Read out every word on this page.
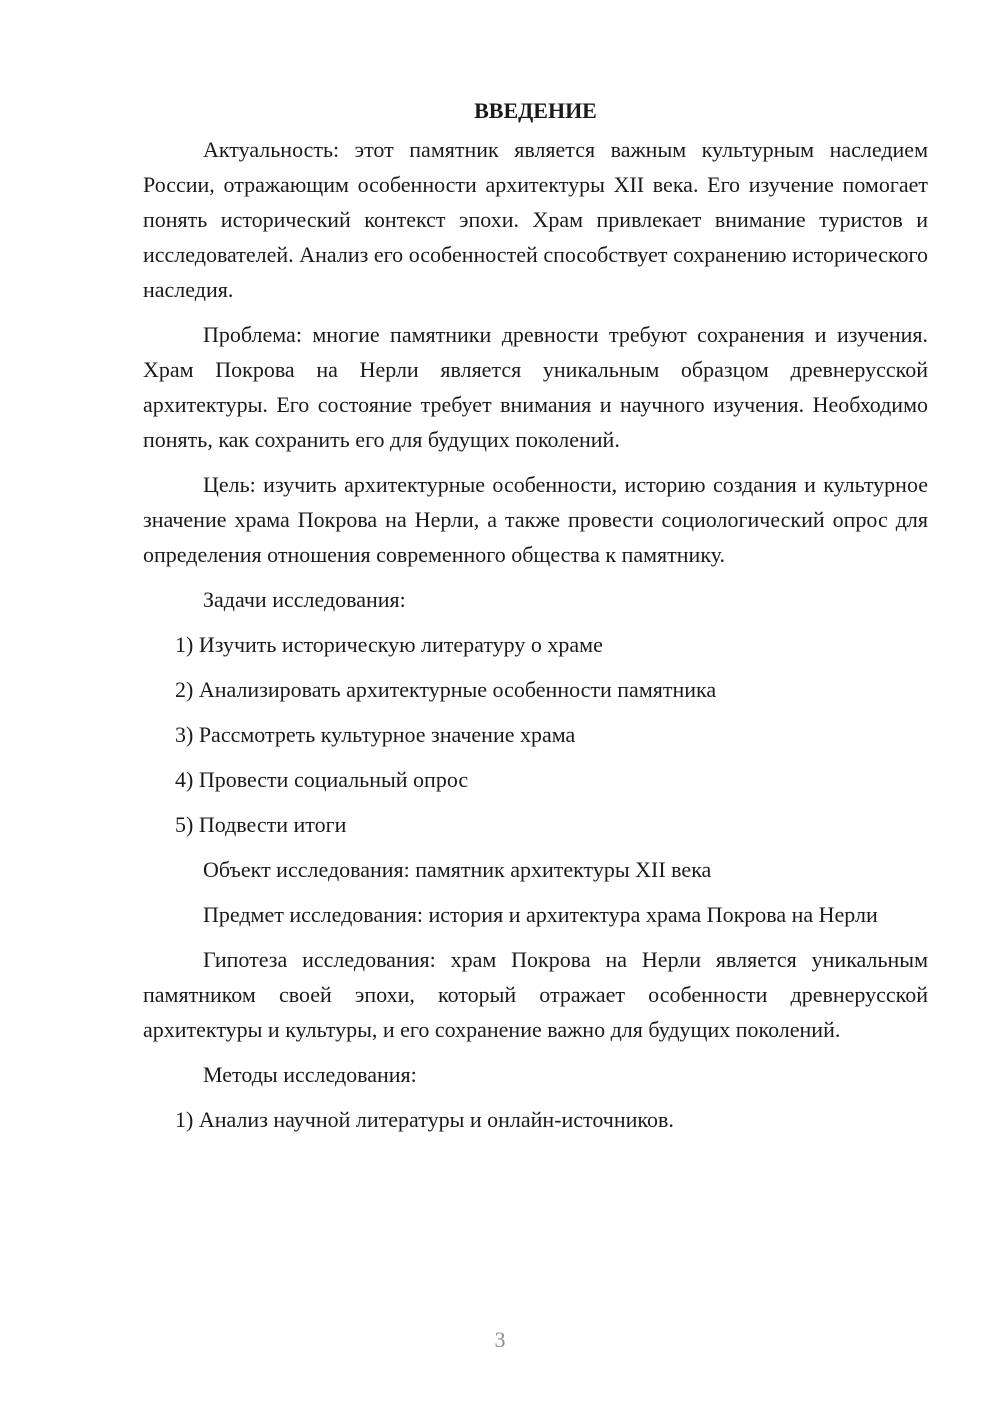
ВВЕДЕНИЕ
Актуальность: этот памятник является важным культурным наследием России, отражающим особенности архитектуры XII века. Его изучение помогает понять исторический контекст эпохи. Храм привлекает внимание туристов и исследователей. Анализ его особенностей способствует сохранению исторического наследия.
Проблема: многие памятники древности требуют сохранения и изучения. Храм Покрова на Нерли является уникальным образцом древнерусской архитектуры. Его состояние требует внимания и научного изучения. Необходимо понять, как сохранить его для будущих поколений.
Цель: изучить архитектурные особенности, историю создания и культурное значение храма Покрова на Нерли, а также провести социологический опрос для определения отношения современного общества к памятнику.
Задачи исследования:
1) Изучить историческую литературу о храме
2) Анализировать архитектурные особенности памятника
3) Рассмотреть культурное значение храма
4) Провести социальный опрос
5) Подвести итоги
Объект исследования: памятник архитектуры XII века
Предмет исследования: история и архитектура храма Покрова на Нерли
Гипотеза исследования: храм Покрова на Нерли является уникальным памятником своей эпохи, который отражает особенности древнерусской архитектуры и культуры, и его сохранение важно для будущих поколений.
Методы исследования:
1) Анализ научной литературы и онлайн-источников.
3
